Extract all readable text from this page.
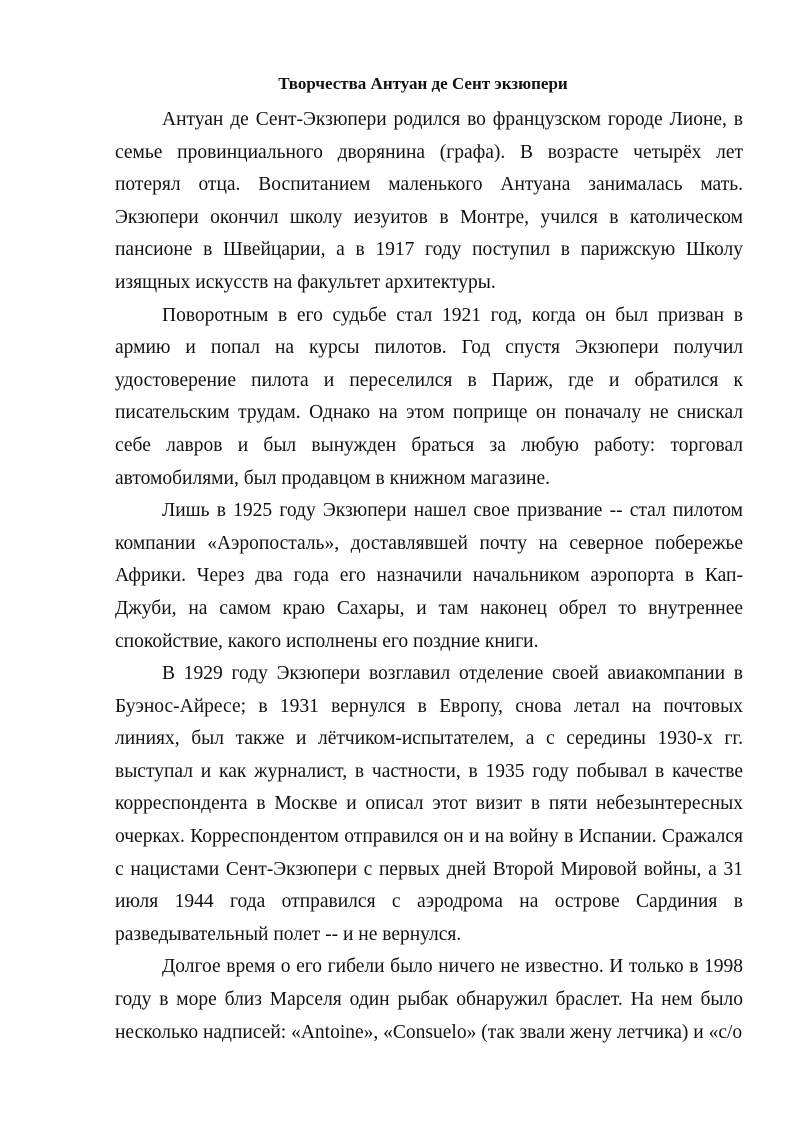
Творчества Антуан де Сент экзюпери

Антуан де Сент-Экзюпери родился во французском городе Лионе, в семье провинциального дворянина (графа). В возрасте четырёх лет потерял отца. Воспитанием маленького Антуана занималась мать. Экзюпери окончил школу иезуитов в Монтре, учился в католическом пансионе в Швейцарии, а в 1917 году поступил в парижскую Школу изящных искусств на факультет архитектуры.

Поворотным в его судьбе стал 1921 год, когда он был призван в армию и попал на курсы пилотов. Год спустя Экзюпери получил удостоверение пилота и переселился в Париж, где и обратился к писательским трудам. Однако на этом поприще он поначалу не снискал себе лавров и был вынужден браться за любую работу: торговал автомобилями, был продавцом в книжном магазине.

Лишь в 1925 году Экзюпери нашел свое призвание -- стал пилотом компании «Аэропосталь», доставлявшей почту на северное побережье Африки. Через два года его назначили начальником аэропорта в Кап-Джуби, на самом краю Сахары, и там наконец обрел то внутреннее спокойствие, какого исполнены его поздние книги.

В 1929 году Экзюпери возглавил отделение своей авиакомпании в Буэнос-Айресе; в 1931 вернулся в Европу, снова летал на почтовых линиях, был также и лётчиком-испытателем, а с середины 1930-х гг. выступал и как журналист, в частности, в 1935 году побывал в качестве корреспондента в Москве и описал этот визит в пяти небезынтересных очерках. Корреспондентом отправился он и на войну в Испании. Сражался с нацистами Сент-Экзюпери с первых дней Второй Мировой войны, а 31 июля 1944 года отправился с аэродрома на острове Сардиния в разведывательный полет -- и не вернулся.

Долгое время о его гибели было ничего не известно. И только в 1998 году в море близ Марселя один рыбак обнаружил браслет. На нем было несколько надписей: «Antoine», «Consuelo» (так звали жену летчика) и «c/o
